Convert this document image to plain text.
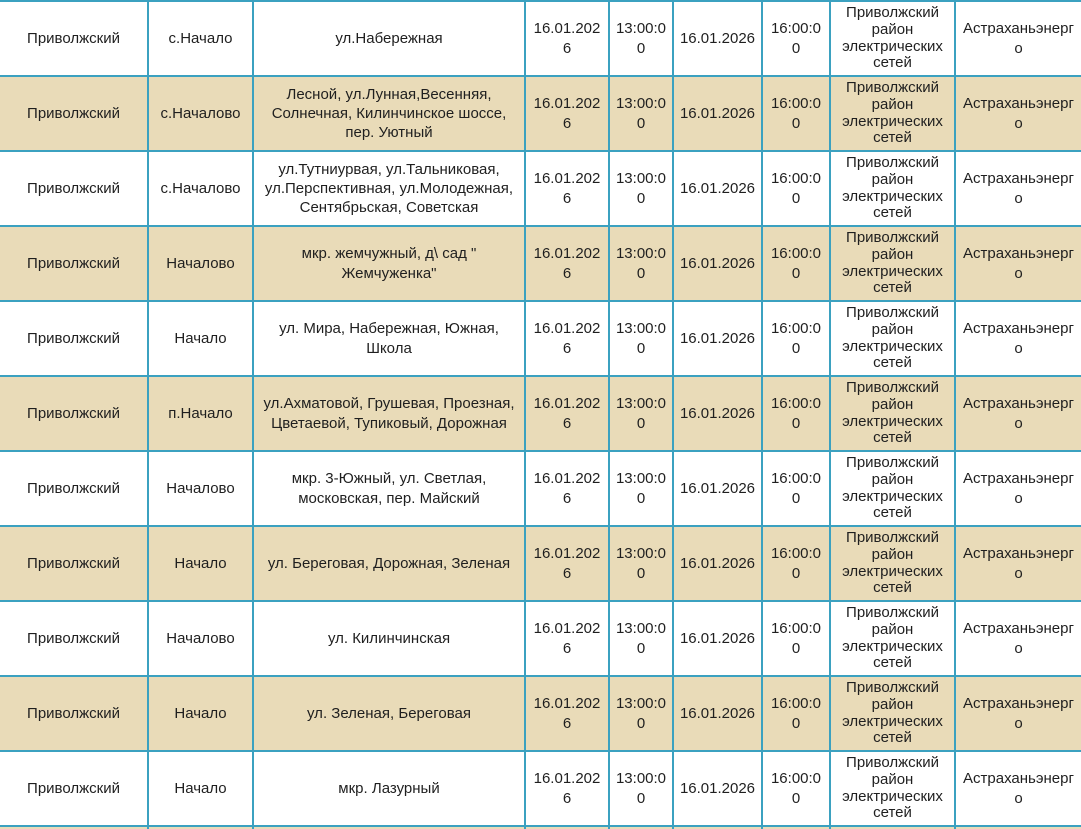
Приволжский	с.Начало	ул.Набережная	16.01.2026	13:00:00	16.01.2026	16:00:00	Приволжский район электрических сетей	Астраханьэнерго
Приволжский	с.Началово	Лесной, ул.Лунная,Весенняя, Солнечная, Килинчинское шоссе, пер. Уютный	16.01.2026	13:00:00	16.01.2026	16:00:00	Приволжский район электрических сетей	Астраханьэнерго
Приволжский	с.Началово	ул.Тутниурвая, ул.Тальниковая, ул.Перспективная, ул.Молодежная, Сентябрьская, Советская	16.01.2026	13:00:00	16.01.2026	16:00:00	Приволжский район электрических сетей	Астраханьэнерго
Приволжский	Началово	мкр. жемчужный, д\ сад " Жемчуженка"	16.01.2026	13:00:00	16.01.2026	16:00:00	Приволжский район электрических сетей	Астраханьэнерго
Приволжский	Начало	ул. Мира, Набережная, Южная, Школа	16.01.2026	13:00:00	16.01.2026	16:00:00	Приволжский район электрических сетей	Астраханьэнерго
Приволжский	п.Начало	ул.Ахматовой, Грушевая, Проезная, Цветаевой, Тупиковый, Дорожная	16.01.2026	13:00:00	16.01.2026	16:00:00	Приволжский район электрических сетей	Астраханьэнерго
Приволжский	Началово	мкр. 3-Южный, ул. Светлая, московская, пер. Майский	16.01.2026	13:00:00	16.01.2026	16:00:00	Приволжский район электрических сетей	Астраханьэнерго
Приволжский	Начало	ул. Береговая, Дорожная, Зеленая	16.01.2026	13:00:00	16.01.2026	16:00:00	Приволжский район электрических сетей	Астраханьэнерго
Приволжский	Началово	ул. Килинчинская	16.01.2026	13:00:00	16.01.2026	16:00:00	Приволжский район электрических сетей	Астраханьэнерго
Приволжский	Начало	ул. Зеленая, Береговая	16.01.2026	13:00:00	16.01.2026	16:00:00	Приволжский район электрических сетей	Астраханьэнерго
Приволжский	Начало	мкр. Лазурный	16.01.2026	13:00:00	16.01.2026	16:00:00	Приволжский район электрических сетей	Астраханьэнерго
